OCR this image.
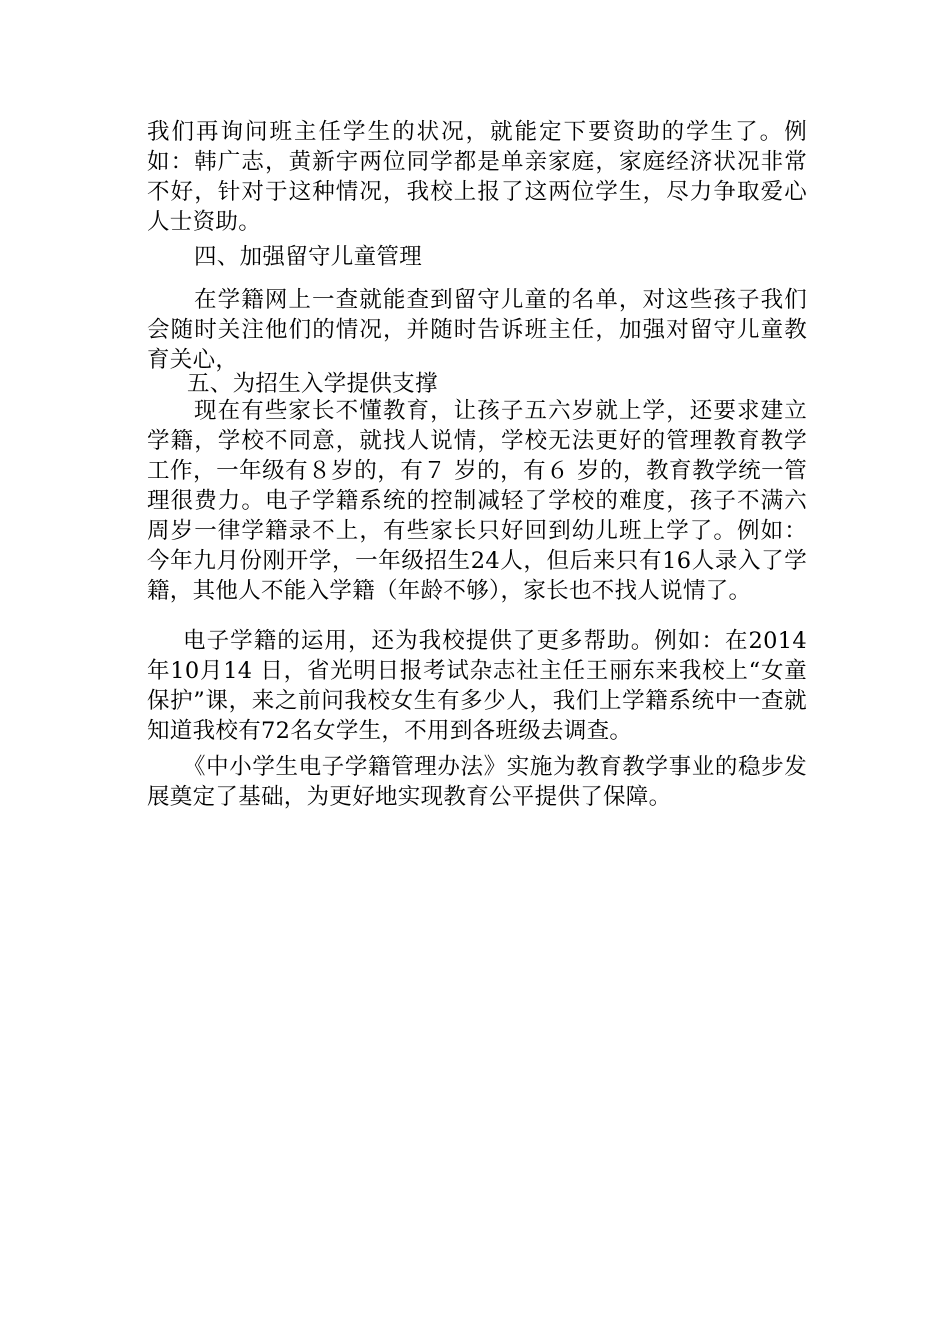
我们再询问班主任学生的状况，就能定下要资助的学生了。例如：韩广志，黄新宇两位同学都是单亲家庭，家庭经济状况非常不好，针对于这种情况，我校上报了这两位学生，尽力争取爱心人士资助。
四、加强留守儿童管理
在学籍网上一查就能查到留守儿童的名单，对这些孩子我们会随时关注他们的情况，并随时告诉班主任，加强对留守儿童教育关心，
五、为招生入学提供支撑
现在有些家长不懂教育，让孩子五六岁就上学，还要求建立学籍，学校不同意，就找人说情，学校无法更好的管理教育教学工作，一年级有８岁的，有７ 岁的，有６ 岁的，教育教学统一管理很费力。电子学籍系统的控制减轻了学校的难度，孩子不满六周岁一律学籍录不上，有些家长只好回到幼儿班上学了。例如：今年九月份刚开学，一年级招生24人，但后来只有16人录入了学籍，其他人不能入学籍（年龄不够），家长也不找人说情了。
电子学籍的运用，还为我校提供了更多帮助。例如：在2014年10月14 日，省光明日报考试杂志社主任王丽东来我校上“女童保护”课，来之前问我校女生有多少人，我们上学籍系统中一查就知道我校有72名女学生，不用到各班级去调查。
《中小学生电子学籍管理办法》实施为教育教学事业的稳步发展奠定了基础，为更好地实现教育公平提供了保障。
